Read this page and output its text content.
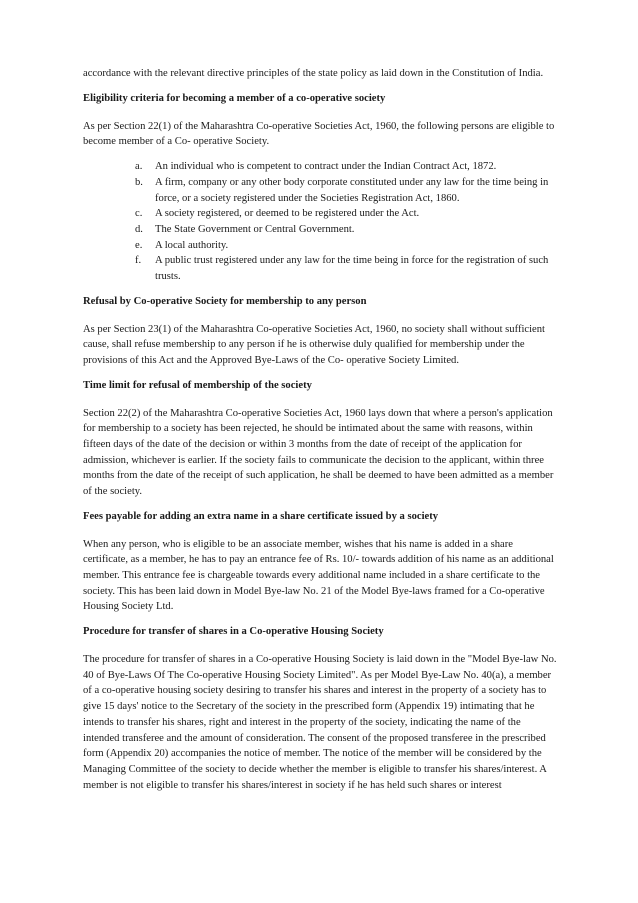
accordance with the relevant directive principles of the state policy as laid down in the Constitution of India.

Eligibility criteria for becoming a member of a co-operative society

As per Section 22(1) of the Maharashtra Co-operative Societies Act, 1960, the following persons are eligible to become member of a Co- operative Society.

a.	An individual who is competent to contract under the Indian Contract Act, 1872.
b.	A firm, company or any other body corporate constituted under any law for the time being in force, or a society registered under the Societies Registration Act, 1860.
c.	A society registered, or deemed to be registered under the Act.
d.	The State Government or Central Government.
e.	A local authority.
f.	A public trust registered under any law for the time being in force for the registration of such trusts.

Refusal by Co-operative Society for membership to any person

As per Section 23(1) of the Maharashtra Co-operative Societies Act, 1960, no society shall without sufficient cause, shall refuse membership to any person if he is otherwise duly qualified for membership under the provisions of this Act and the Approved Bye-Laws of the Co- operative Society Limited.

Time limit for refusal of membership of the society

Section 22(2) of the Maharashtra Co-operative Societies Act, 1960 lays down that where a person's application for membership to a society has been rejected, he should be intimated about the same with reasons, within fifteen days of the date of the decision or within 3 months from the date of receipt of the application for admission, whichever is earlier. If the society fails to communicate the decision to the applicant, within three months from the date of the receipt of such application, he shall be deemed to have been admitted as a member of the society.

Fees payable for adding an extra name in a share certificate issued by a society

When any person, who is eligible to be an associate member, wishes that his name is added in a share certificate, as a member, he has to pay an entrance fee of Rs. 10/- towards addition of his name as an additional member. This entrance fee is chargeable towards every additional name included in a share certificate to the society. This has been laid down in Model Bye-law No. 21 of the Model Bye-laws framed for a Co-operative Housing Society Ltd.

Procedure for transfer of shares in a Co-operative Housing Society

The procedure for transfer of shares in a Co-operative Housing Society is laid down in the "Model Bye-law No. 40 of Bye-Laws Of The Co-operative Housing Society Limited". As per Model Bye-Law No. 40(a), a member of a co-operative housing society desiring to transfer his shares and interest in the property of a society has to give 15 days' notice to the Secretary of the society in the prescribed form (Appendix 19) intimating that he intends to transfer his shares, right and interest in the property of the society, indicating the name of the intended transferee and the amount of consideration. The consent of the proposed transferee in the prescribed form (Appendix 20) accompanies the notice of member. The notice of the member will be considered by the Managing Committee of the society to decide whether the member is eligible to transfer his shares/interest. A member is not eligible to transfer his shares/interest in society if he has held such shares or interest
